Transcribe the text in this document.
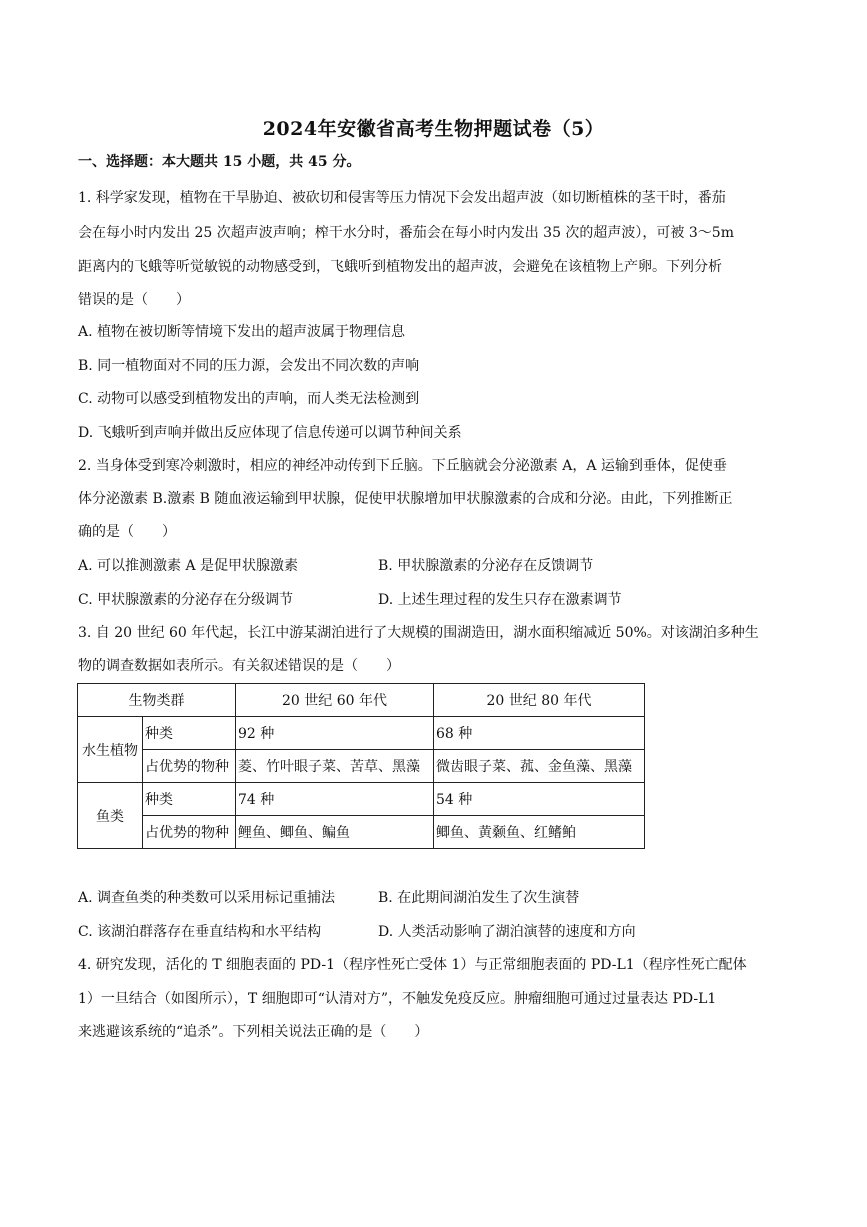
2024年安徽省高考生物押题试卷（5）
一、选择题：本大题共 15 小题，共 45 分。
1. 科学家发现，植物在干旱胁迫、被砍切和侵害等压力情况下会发出超声波（如切断植株的茎干时，番茄
会在每小时内发出 25 次超声波声响；榨干水分时，番茄会在每小时内发出 35 次的超声波），可被 3～5m
距离内的飞蛾等听觉敏锐的动物感受到，飞蛾听到植物发出的超声波，会避免在该植物上产卵。下列分析
错误的是（　　）
A. 植物在被切断等情境下发出的超声波属于物理信息
B. 同一植物面对不同的压力源，会发出不同次数的声响
C. 动物可以感受到植物发出的声响，而人类无法检测到
D. 飞蛾听到声响并做出反应体现了信息传递可以调节种间关系
2. 当身体受到寒冷刺激时，相应的神经冲动传到下丘脑。下丘脑就会分泌激素 A，A 运输到垂体，促使垂
体分泌激素 B.激素 B 随血液运输到甲状腺，促使甲状腺增加甲状腺激素的合成和分泌。由此，下列推断正
确的是（　　）
A. 可以推测激素 A 是促甲状腺激素	B. 甲状腺激素的分泌存在反馈调节
C. 甲状腺激素的分泌存在分级调节	D. 上述生理过程的发生只存在激素调节
3. 自 20 世纪 60 年代起，长江中游某湖泊进行了大规模的围湖造田，湖水面积缩减近 50%。对该湖泊多种生
物的调查数据如表所示。有关叙述错误的是（　　）
生物类群		20 世纪 60 年代	20 世纪 80 年代
水生植物	种类	92 种	68 种
	占优势的物种	菱、竹叶眼子菜、苦草、黑藻	微齿眼子菜、菰、金鱼藻、黑藻
鱼类	种类	74 种	54 种
	占优势的物种	鲤鱼、鲫鱼、鳊鱼	鲫鱼、黄颡鱼、红鳍鲌
A. 调查鱼类的种类数可以采用标记重捕法	B. 在此期间湖泊发生了次生演替
C. 该湖泊群落存在垂直结构和水平结构	D. 人类活动影响了湖泊演替的速度和方向
4. 研究发现，活化的 T 细胞表面的 PD-1（程序性死亡受体 1）与正常细胞表面的 PD-L1（程序性死亡配体
1）一旦结合（如图所示），T 细胞即可“认清对方”，不触发免疫反应。肿瘤细胞可通过过量表达 PD-L1
来逃避该系统的“追杀”。下列相关说法正确的是（　　）
